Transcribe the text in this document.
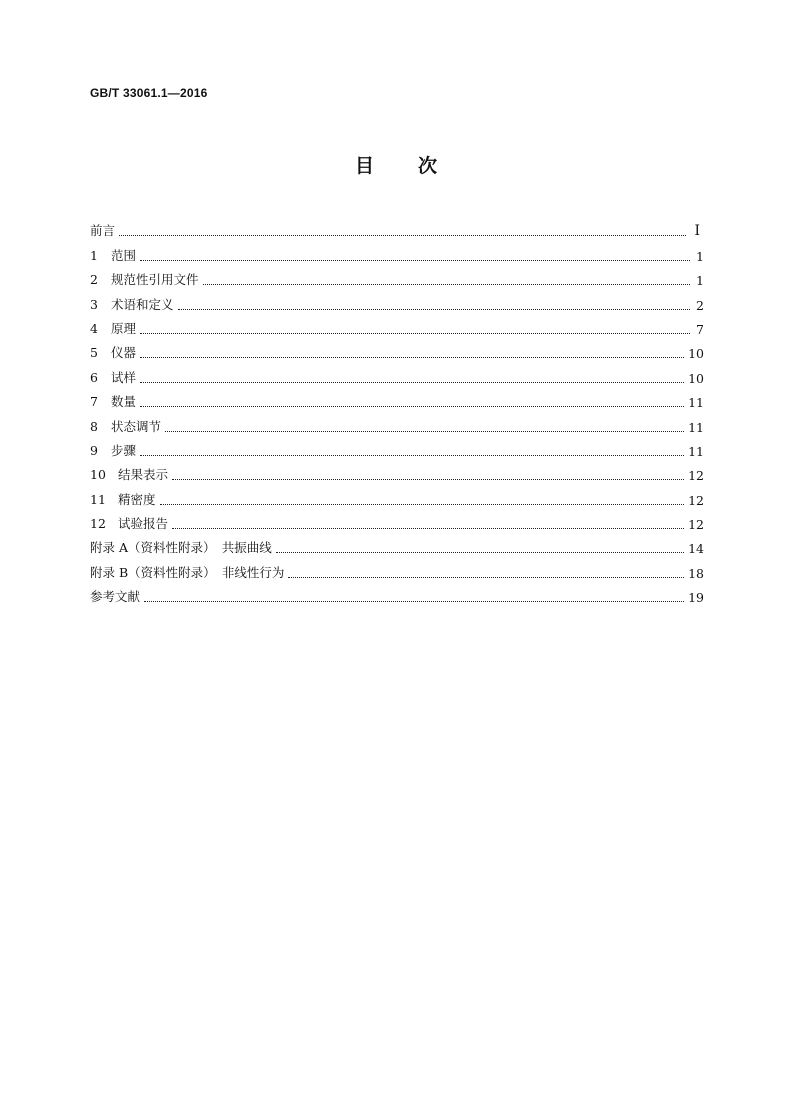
GB/T 33061.1—2016
目 次
前言	Ⅰ
1 范围	1
2 规范性引用文件	1
3 术语和定义	2
4 原理	7
5 仪器	10
6 试样	10
7 数量	11
8 状态调节	11
9 步骤	11
10 结果表示	12
11 精密度	12
12 试验报告	12
附录 A（资料性附录）　共振曲线	14
附录 B（资料性附录）　非线性行为	18
参考文献	19
